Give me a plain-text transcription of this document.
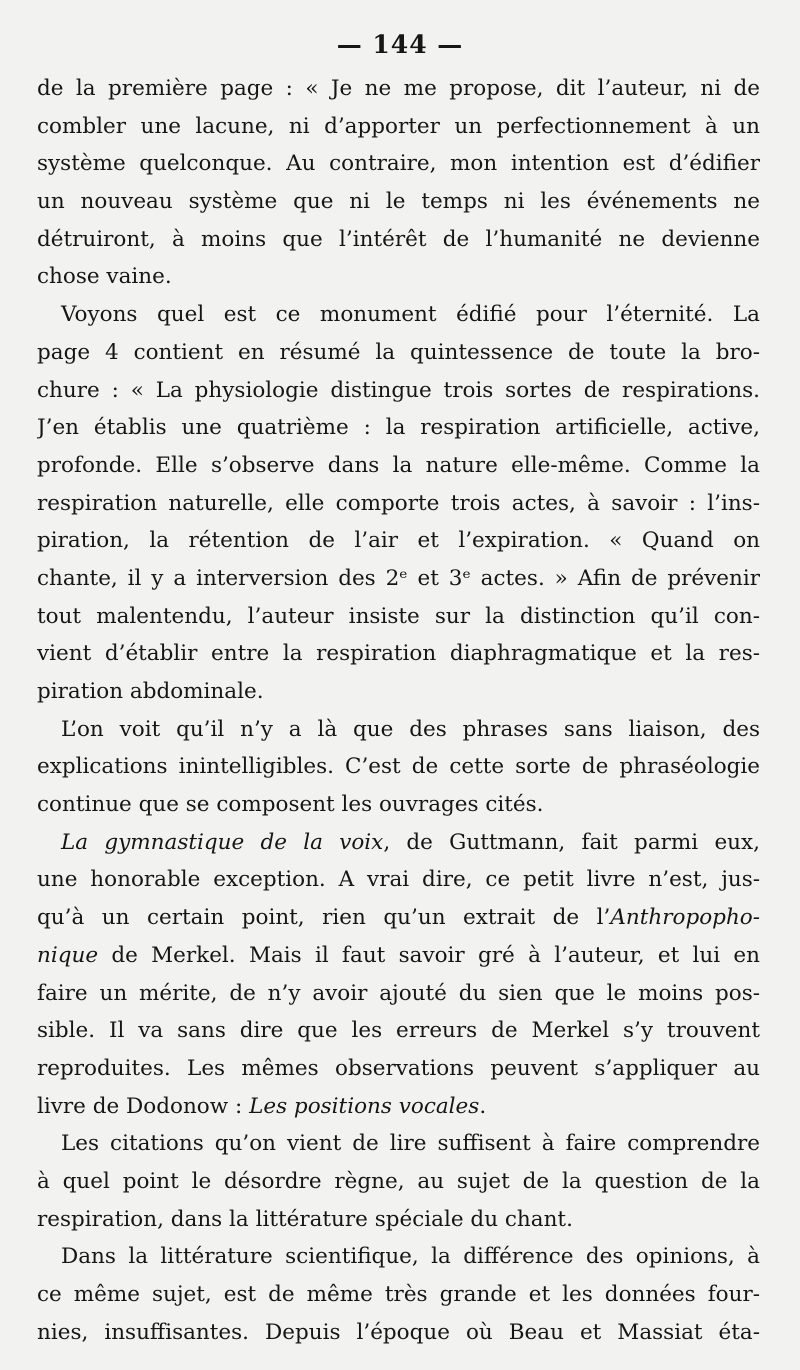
— 144 —
de la première page : « Je ne me propose, dit l’auteur, ni de
combler une lacune, ni d’apporter un perfectionnement à un
système quelconque. Au contraire, mon intention est d’édifier
un nouveau système que ni le temps ni les événements ne
détruiront, à moins que l’intérêt de l’humanité ne devienne
chose vaine.
Voyons quel est ce monument édifié pour l’éternité. La
page 4 contient en résumé la quintessence de toute la bro-
chure : « La physiologie distingue trois sortes de respirations.
J’en établis une quatrième : la respiration artificielle, active,
profonde. Elle s’observe dans la nature elle-même. Comme la
respiration naturelle, elle comporte trois actes, à savoir : l’ins-
piration, la rétention de l’air et l’expiration. « Quand on
chante, il y a interversion des 2ᵉ et 3ᵉ actes. » Afin de prévenir
tout malentendu, l’auteur insiste sur la distinction qu’il con-
vient d’établir entre la respiration diaphragmatique et la res-
piration abdominale.
L’on voit qu’il n’y a là que des phrases sans liaison, des
explications inintelligibles. C’est de cette sorte de phraséologie
continue que se composent les ouvrages cités.
La gymnastique de la voix, de Guttmann, fait parmi eux,
une honorable exception. A vrai dire, ce petit livre n’est, jus-
qu’à un certain point, rien qu’un extrait de l’Anthropopho-
nique de Merkel. Mais il faut savoir gré à l’auteur, et lui en
faire un mérite, de n’y avoir ajouté du sien que le moins pos-
sible. Il va sans dire que les erreurs de Merkel s’y trouvent
reproduites. Les mêmes observations peuvent s’appliquer au
livre de Dodonow : Les positions vocales.
Les citations qu’on vient de lire suffisent à faire comprendre
à quel point le désordre règne, au sujet de la question de la
respiration, dans la littérature spéciale du chant.
Dans la littérature scientifique, la différence des opinions, à
ce même sujet, est de même très grande et les données four-
nies, insuffisantes. Depuis l’époque où Beau et Massiat éta-
